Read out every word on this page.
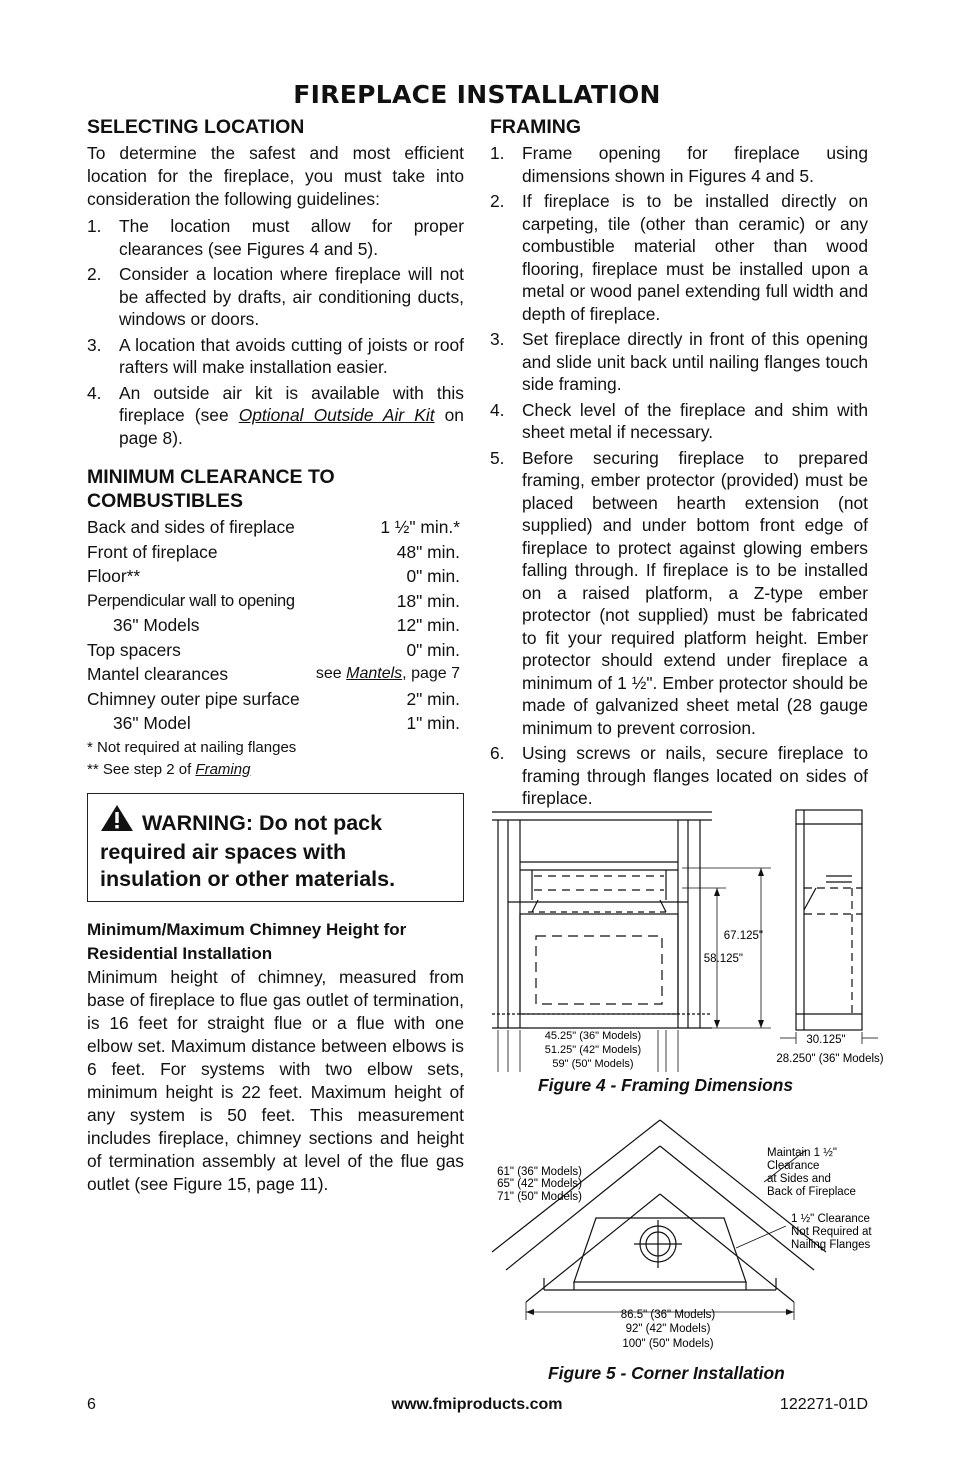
FIREPLACE INSTALLATION
SELECTING LOCATION

To determine the safest and most efficient location for the fireplace, you must take into consideration the following guidelines:

1. The location must allow for proper clearances (see Figures 4 and 5).
2. Consider a location where fireplace will not be affected by drafts, air conditioning ducts, windows or doors.
3. A location that avoids cutting of joists or roof rafters will make installation easier.
4. An outside air kit is available with this fireplace (see Optional Outside Air Kit on page 8).
MINIMUM CLEARANCE TO
COMBUSTIBLES
Back and sides of fireplace	1 ½" min.*
Front of fireplace	48" min.
Floor**	0" min.
Perpendicular wall to opening	18" min.
36" Models	12" min.
Top spacers	0" min.
Mantel clearances	see Mantels, page 7
Chimney outer pipe surface	2" min.
36" Model	1" min.
* Not required at nailing flanges
** See step 2 of Framing
WARNING: Do not pack required air spaces with insulation or other materials.
Minimum/Maximum Chimney Height for Residential Installation

Minimum height of chimney, measured from base of fireplace to flue gas outlet of termination, is 16 feet for straight flue or a flue with one elbow set. Maximum distance between elbows is 6 feet. For systems with two elbow sets, minimum height is 22 feet. Maximum height of any system is 50 feet. This measurement includes fireplace, chimney sections and height of termination assembly at level of the flue gas outlet (see Figure 15, page 11).

FRAMING
1. Frame opening for fireplace using dimensions shown in Figures 4 and 5.
2. If fireplace is to be installed directly on carpeting, tile (other than ceramic) or any combustible material other than wood flooring, fireplace must be installed upon a metal or wood panel extending full width and depth of fireplace.
3. Set fireplace directly in front of this opening and slide unit back until nailing flanges touch side framing.
4. Check level of the fireplace and shim with sheet metal if necessary.
5. Before securing fireplace to prepared framing, ember protector (provided) must be placed between hearth extension (not supplied) and under bottom front edge of fireplace to protect against glowing embers falling through. If fireplace is to be installed on a raised platform, a Z-type ember protector (not supplied) must be fabricated to fit your required platform height. Ember protector should extend under fireplace a minimum of 1 ½". Ember protector should be made of galvanized sheet metal (28 gauge minimum to prevent corrosion.
6. Using screws or nails, secure fireplace to framing through flanges located on sides of fireplace.
67.125"
58.125"
45.25" (36" Models)
51.25" (42" Models)
59" (50" Models)
30.125"
28.250" (36" Models)
Figure 4 - Framing Dimensions
61" (36" Models)
65" (42" Models)
71" (50" Models)
Maintain 1 ½"
Clearance
at Sides and
Back of Fireplace
1 ½" Clearance
Not Required at
Nailing Flanges
86.5" (36" Models)
92" (42" Models)
100" (50" Models)
Figure 5 - Corner Installation
6	www.fmiproducts.com	122271-01D
